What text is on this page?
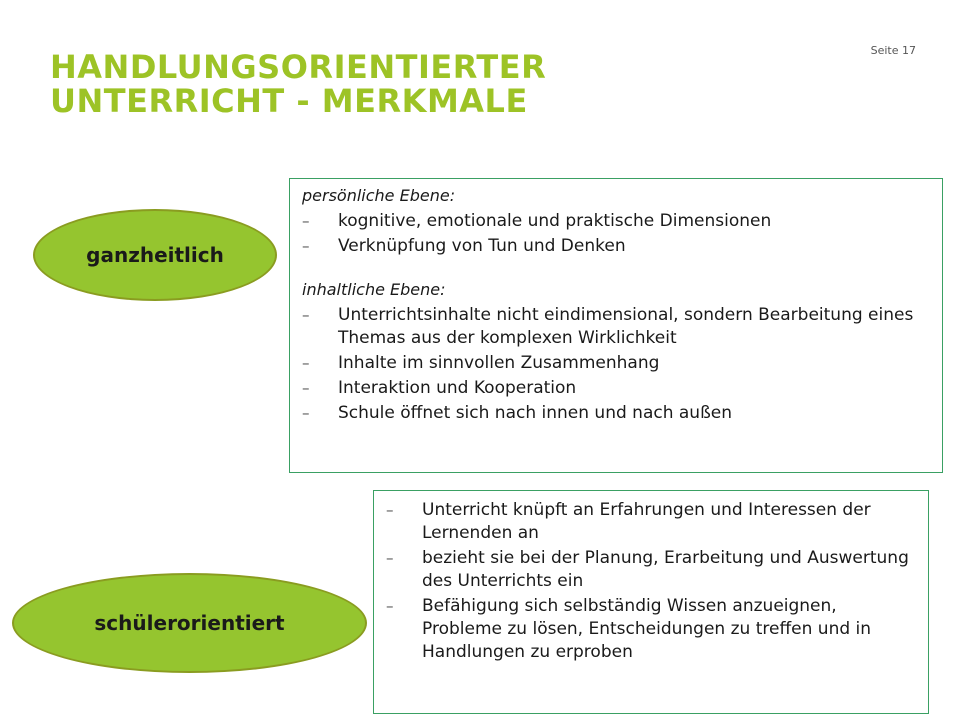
Seite 17
HANDLUNGSORIENTIERTER
UNTERRICHT - MERKMALE
ganzheitlich
persönliche Ebene:
– kognitive, emotionale und praktische Dimensionen
– Verknüpfung von Tun und Denken
inhaltliche Ebene:
– Unterrichtsinhalte nicht eindimensional, sondern Bearbeitung eines Themas aus der komplexen Wirklichkeit
– Inhalte im sinnvollen Zusammenhang
– Interaktion und Kooperation
– Schule öffnet sich nach innen und nach außen
– Unterricht knüpft an Erfahrungen und Interessen der Lernenden an
– bezieht sie bei der Planung, Erarbeitung und Auswertung des Unterrichts ein
– Befähigung sich selbständig Wissen anzueignen, Probleme zu lösen, Entscheidungen zu treffen und in Handlungen zu erproben
schülerorientiert
